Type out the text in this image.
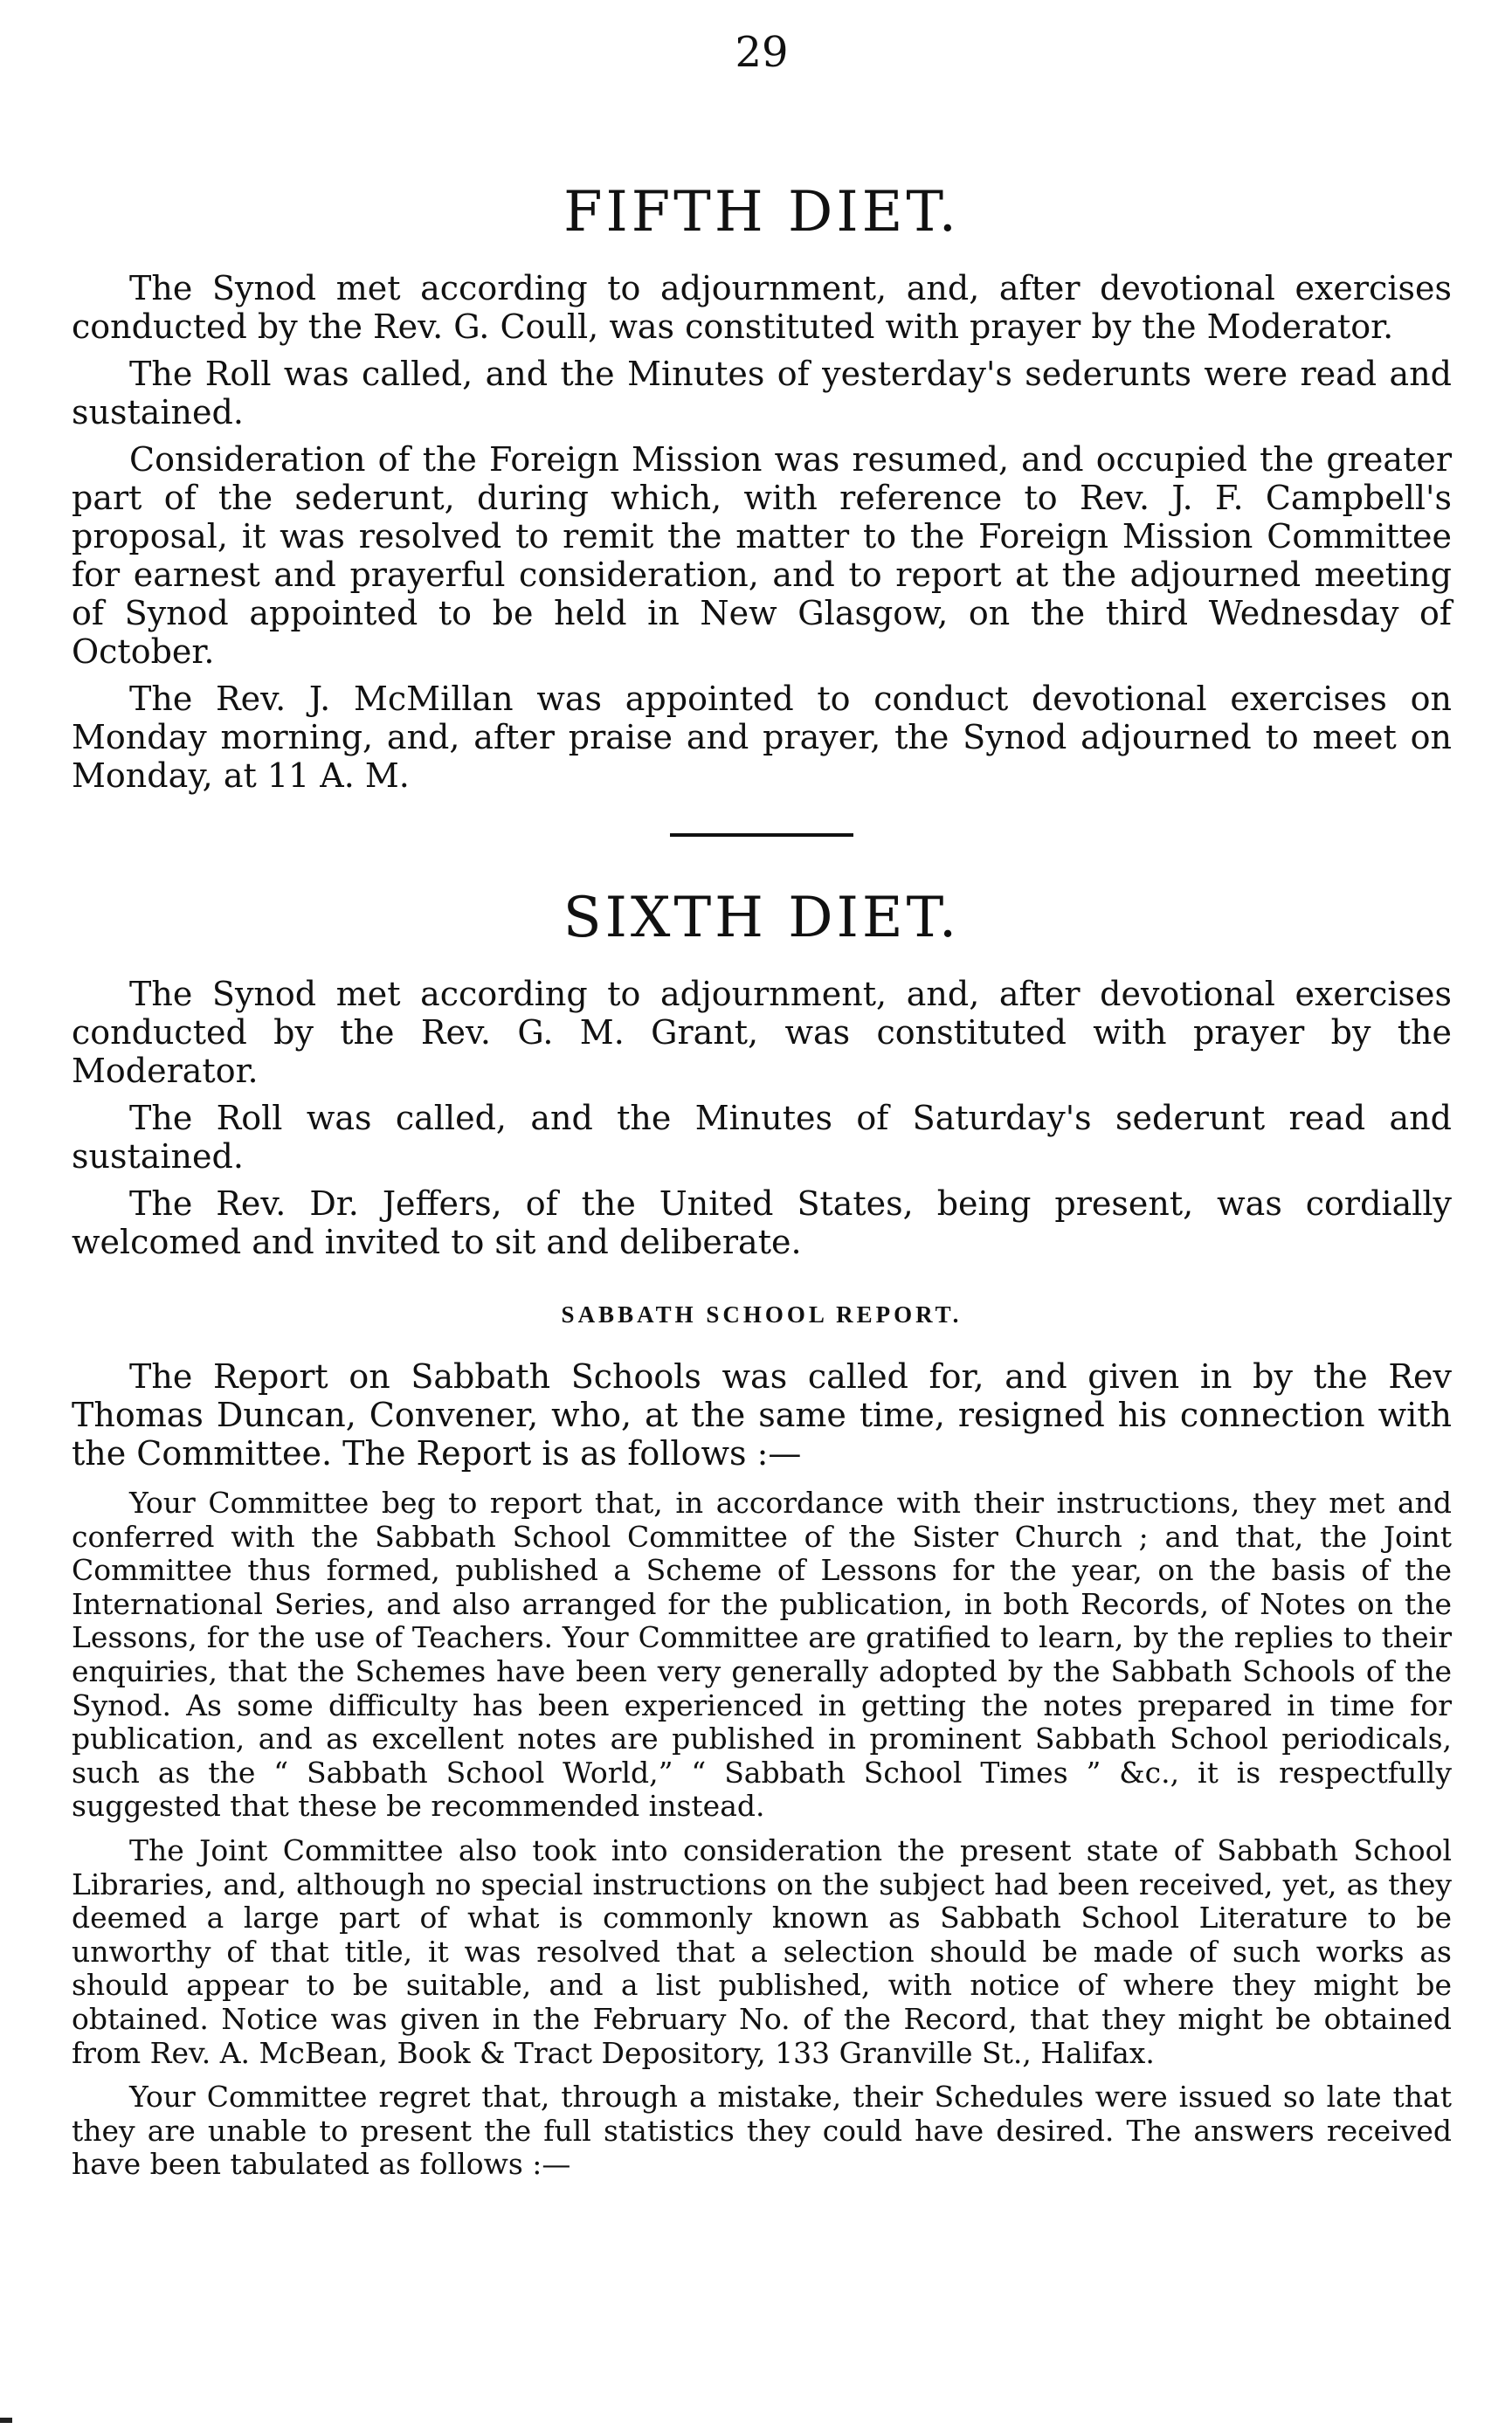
29
FIFTH DIET.

The Synod met according to adjournment, and, after devotional exercises conducted by the Rev. G. Coull, was constituted with prayer by the Moderator.

The Roll was called, and the Minutes of yesterday's sederunts were read and sustained.

Consideration of the Foreign Mission was resumed, and occupied the greater part of the sederunt, during which, with reference to Rev. J. F. Campbell's proposal, it was resolved to remit the matter to the Foreign Mission Committee for earnest and prayerful consideration, and to report at the adjourned meeting of Synod appointed to be held in New Glasgow, on the third Wednesday of October.

The Rev. J. McMillan was appointed to conduct devotional exercises on Monday morning, and, after praise and prayer, the Synod adjourned to meet on Monday, at 11 A. M.

SIXTH DIET.

The Synod met according to adjournment, and, after devotional exercises conducted by the Rev. G. M. Grant, was constituted with prayer by the Moderator.

The Roll was called, and the Minutes of Saturday's sederunt read and sustained.

The Rev. Dr. Jeffers, of the United States, being present, was cordially welcomed and invited to sit and deliberate.

SABBATH SCHOOL REPORT.

The Report on Sabbath Schools was called for, and given in by the Rev Thomas Duncan, Convener, who, at the same time, resigned his connection with the Committee. The Report is as follows :—

Your Committee beg to report that, in accordance with their instructions, they met and conferred with the Sabbath School Committee of the Sister Church ; and that, the Joint Committee thus formed, published a Scheme of Lessons for the year, on the basis of the International Series, and also arranged for the publication, in both Records, of Notes on the Lessons, for the use of Teachers. Your Committee are gratified to learn, by the replies to their enquiries, that the Schemes have been very generally adopted by the Sabbath Schools of the Synod. As some difficulty has been experienced in getting the notes prepared in time for publication, and as excellent notes are published in prominent Sabbath School periodicals, such as the “ Sabbath School World,” “ Sabbath School Times ” &c., it is respectfully suggested that these be recommended instead.

The Joint Committee also took into consideration the present state of Sabbath School Libraries, and, although no special instructions on the subject had been received, yet, as they deemed a large part of what is commonly known as Sabbath School Literature to be unworthy of that title, it was resolved that a selection should be made of such works as should appear to be suitable, and a list published, with notice of where they might be obtained. Notice was given in the February No. of the Record, that they might be obtained from Rev. A. McBean, Book & Tract Depository, 133 Granville St., Halifax.

Your Committee regret that, through a mistake, their Schedules were issued so late that they are unable to present the full statistics they could have desired. The answers received have been tabulated as follows :—
